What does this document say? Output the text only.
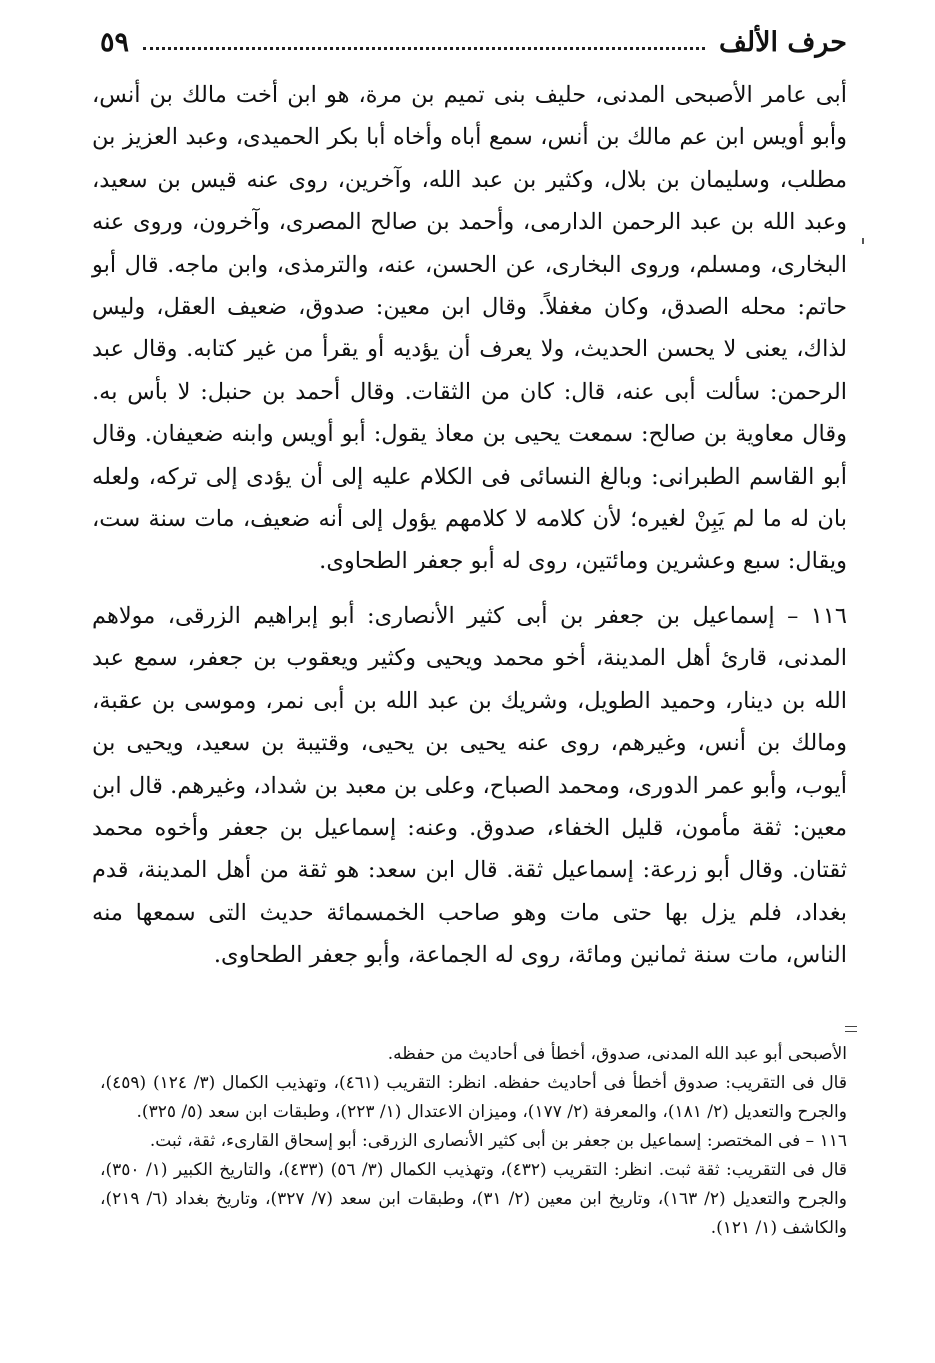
حرف الألف
٥٩

أبى عامر الأصبحى المدنى، حليف بنى تميم بن مرة، هو ابن أخت مالك بن أنس، وأبو أويس ابن عم مالك بن أنس، سمع أباه وأخاه أبا بكر الحميدى، وعبد العزيز بن مطلب، وسليمان بن بلال، وكثير بن عبد الله، وآخرين، روى عنه قيس بن سعيد، وعبد الله بن عبد الرحمن الدارمى، وأحمد بن صالح المصرى، وآخرون، وروى عنه البخارى، ومسلم، وروى البخارى، عن الحسن، عنه، والترمذى، وابن ماجه. قال أبو حاتم: محله الصدق، وكان مغفلاً. وقال ابن معين: صدوق، ضعيف العقل، وليس لذاك، يعنى لا يحسن الحديث، ولا يعرف أن يؤديه أو يقرأ من غير كتابه. وقال عبد الرحمن: سألت أبى عنه، قال: كان من الثقات. وقال أحمد بن حنبل: لا بأس به. وقال معاوية بن صالح: سمعت يحيى بن معاذ يقول: أبو أويس وابنه ضعيفان. وقال أبو القاسم الطبرانى: وبالغ النسائى فى الكلام عليه إلى أن يؤدى إلى تركه، ولعله بان له ما لم يَبِنْ لغيره؛ لأن كلامه لا كلامهم يؤول إلى أنه ضعيف، مات سنة ست، ويقال: سبع وعشرين ومائتين، روى له أبو جعفر الطحاوى.

١١٦ – إسماعيل بن جعفر بن أبى كثير الأنصارى: أبو إبراهيم الزرقى، مولاهم المدنى، قارئ أهل المدينة، أخو محمد ويحيى وكثير ويعقوب بن جعفر، سمع عبد الله بن دينار، وحميد الطويل، وشريك بن عبد الله بن أبى نمر، وموسى بن عقبة، ومالك بن أنس، وغيرهم، روى عنه يحيى بن يحيى، وقتيبة بن سعيد، ويحيى بن أيوب، وأبو عمر الدورى، ومحمد الصباح، وعلى بن معبد بن شداد، وغيرهم. قال ابن معين: ثقة مأمون، قليل الخفاء، صدوق. وعنه: إسماعيل بن جعفر وأخوه محمد ثقتان. وقال أبو زرعة: إسماعيل ثقة. قال ابن سعد: هو ثقة من أهل المدينة، قدم بغداد، فلم يزل بها حتى مات وهو صاحب الخمسمائة حديث التى سمعها منه الناس، مات سنة ثمانين ومائة، روى له الجماعة، وأبو جعفر الطحاوى.

الأصبحى أبو عبد الله المدنى، صدوق، أخطأ فى أحاديث من حفظه.

قال فى التقريب: صدوق أخطأ فى أحاديث حفظه. انظر: التقريب (٤٦١)، وتهذيب الكمال (٣/ ١٢٤) (٤٥٩)، والجرح والتعديل (٢/ ١٨١)، والمعرفة (٢/ ١٧٧)، وميزان الاعتدال (١/ ٢٢٣)، وطبقات ابن سعد (٥/ ٣٢٥).

١١٦ – فى المختصر: إسماعيل بن جعفر بن أبى كثير الأنصارى الزرقى: أبو إسحاق القارىء، ثقة، ثبت.

قال فى التقريب: ثقة ثبت. انظر: التقريب (٤٣٢)، وتهذيب الكمال (٣/ ٥٦) (٤٣٣)، والتاريخ الكبير (١/ ٣٥٠)، والجرح والتعديل (٢/ ١٦٣)، وتاريخ ابن معين (٢/ ٣١)، وطبقات ابن سعد (٧/ ٣٢٧)، وتاريخ بغداد (٦/ ٢١٩)، والكاشف (١/ ١٢١).
